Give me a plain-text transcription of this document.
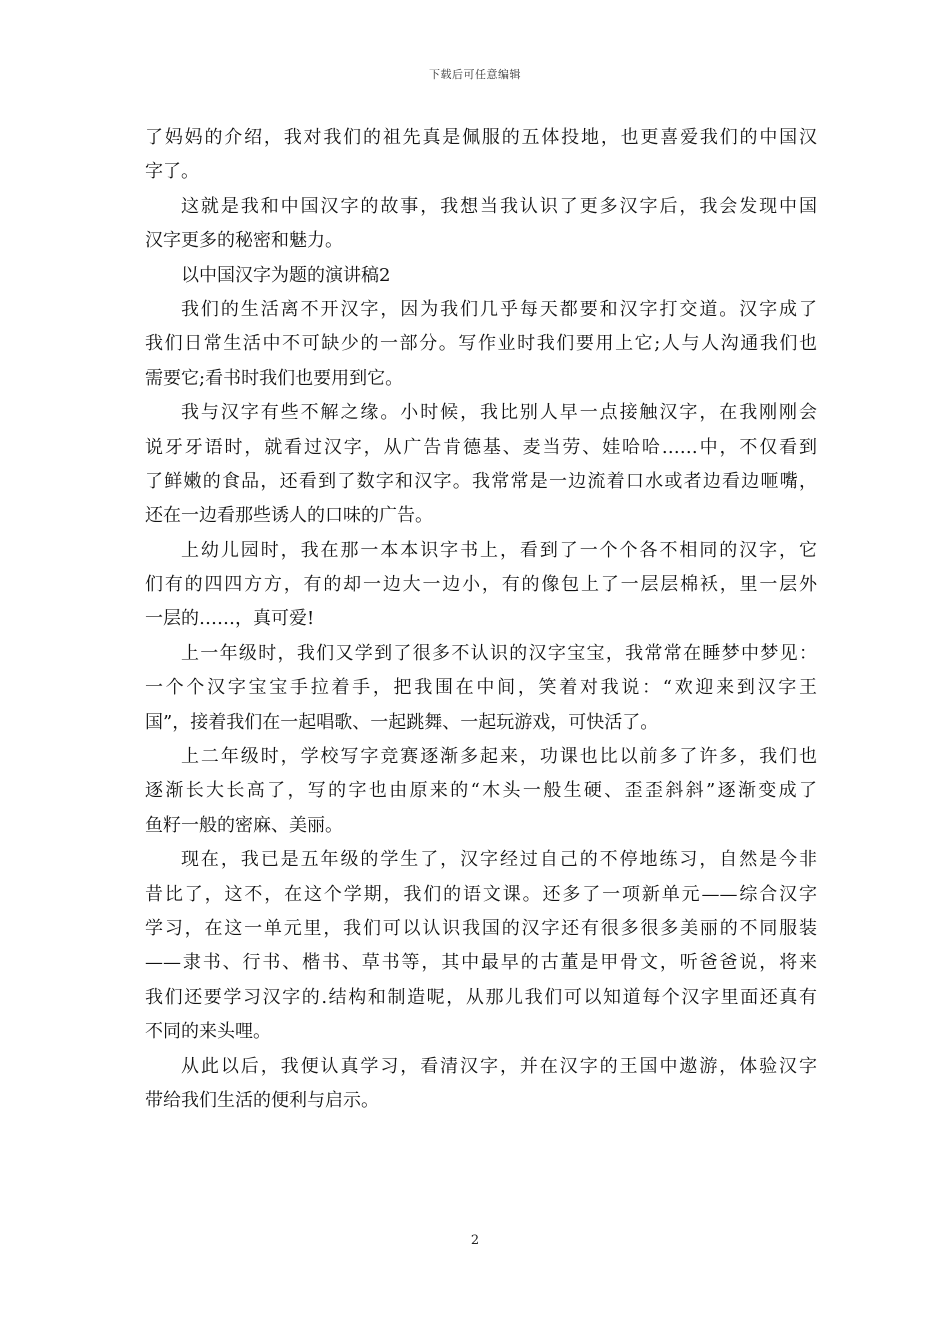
下载后可任意编辑
了妈妈的介绍，我对我们的祖先真是佩服的五体投地，也更喜爱我们的中国汉
字了。
这就是我和中国汉字的故事，我想当我认识了更多汉字后，我会发现中国
汉字更多的秘密和魅力。
以中国汉字为题的演讲稿2
我们的生活离不开汉字，因为我们几乎每天都要和汉字打交道。汉字成了
我们日常生活中不可缺少的一部分。写作业时我们要用上它;人与人沟通我们也
需要它;看书时我们也要用到它。
我与汉字有些不解之缘。小时候，我比别人早一点接触汉字，在我刚刚会
说牙牙语时，就看过汉字，从广告肯德基、麦当劳、娃哈哈……中，不仅看到
了鲜嫩的食品，还看到了数字和汉字。我常常是一边流着口水或者边看边咂嘴，
还在一边看那些诱人的口味的广告。
上幼儿园时，我在那一本本识字书上，看到了一个个各不相同的汉字，它
们有的四四方方，有的却一边大一边小，有的像包上了一层层棉袄，里一层外
一层的……，真可爱!
上一年级时，我们又学到了很多不认识的汉字宝宝，我常常在睡梦中梦见：
一个个汉字宝宝手拉着手，把我围在中间，笑着对我说：“欢迎来到汉字王
国”，接着我们在一起唱歌、一起跳舞、一起玩游戏，可快活了。
上二年级时，学校写字竞赛逐渐多起来，功课也比以前多了许多，我们也
逐渐长大长高了，写的字也由原来的“木头一般生硬、歪歪斜斜”逐渐变成了
鱼籽一般的密麻、美丽。
现在，我已是五年级的学生了，汉字经过自己的不停地练习，自然是今非
昔比了，这不，在这个学期，我们的语文课。还多了一项新单元——综合汉字
学习，在这一单元里，我们可以认识我国的汉字还有很多很多美丽的不同服装
——隶书、行书、楷书、草书等，其中最早的古董是甲骨文，听爸爸说，将来
我们还要学习汉字的.结构和制造呢，从那儿我们可以知道每个汉字里面还真有
不同的来头哩。
从此以后，我便认真学习，看清汉字，并在汉字的王国中遨游，体验汉字
带给我们生活的便利与启示。
2
